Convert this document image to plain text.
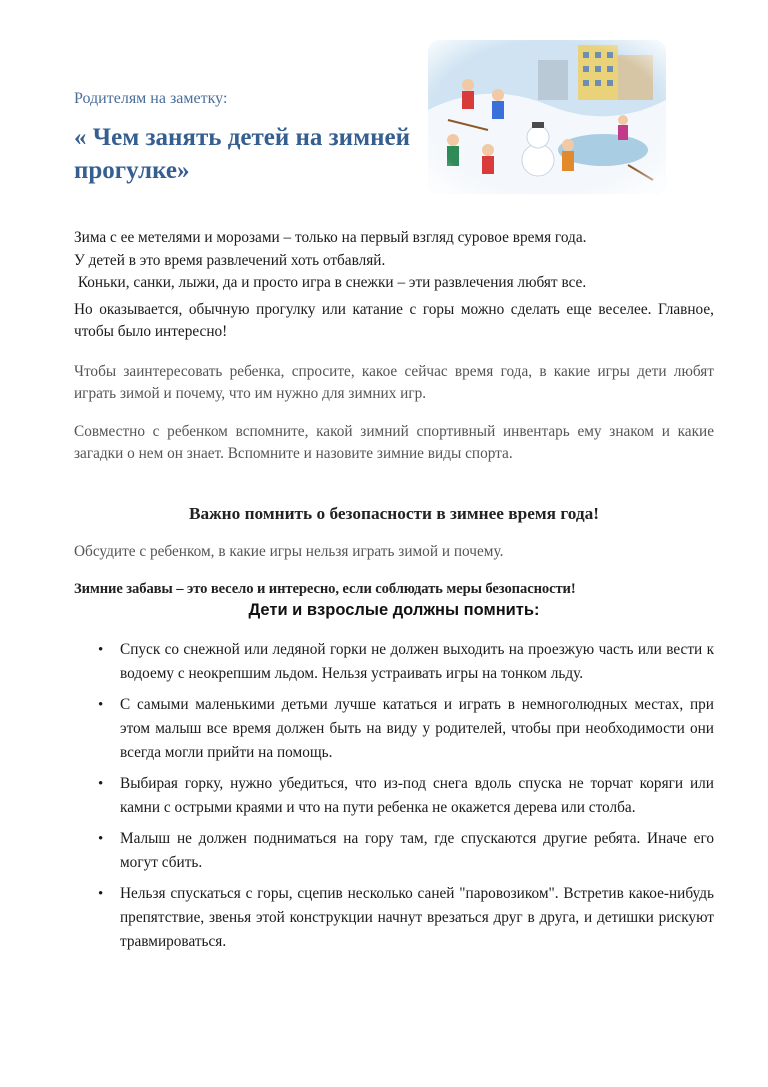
Родителям на заметку:
« Чем занять детей на зимней прогулке»
Зима с ее метелями и морозами – только на первый взгляд суровое время года.
У детей в это время развлечений хоть отбавляй.
Коньки, санки, лыжи, да и просто игра в снежки – эти развлечения любят все.
Но оказывается, обычную прогулку или катание с горы можно сделать еще веселее. Главное, чтобы было интересно!
Чтобы заинтересовать ребенка, спросите, какое сейчас время года, в какие игры дети любят играть зимой и почему, что им нужно для зимних игр.
Совместно с ребенком вспомните, какой зимний спортивный инвентарь ему знаком и какие загадки о нем он знает. Вспомните и назовите зимние виды спорта.
Важно помнить о безопасности в зимнее время года!
Обсудите с ребенком, в какие игры нельзя играть зимой и почему.
Зимние забавы – это весело и интересно, если соблюдать меры безопасности!
Дети и взрослые должны помнить:
• Спуск со снежной или ледяной горки не должен выходить на проезжую часть или вести к водоему с неокрепшим льдом. Нельзя устраивать игры на тонком льду.
• С самыми маленькими детьми лучше кататься и играть в немноголюдных местах, при этом малыш все время должен быть на виду у родителей, чтобы при необходимости они всегда могли прийти на помощь.
• Выбирая горку, нужно убедиться, что из-под снега вдоль спуска не торчат коряги или камни с острыми краями и что на пути ребенка не окажется дерева или столба.
• Малыш не должен подниматься на гору там, где спускаются другие ребята. Иначе его могут сбить.
• Нельзя спускаться с горы, сцепив несколько саней "паровозиком". Встретив какое-нибудь препятствие, звенья этой конструкции начнут врезаться друг в друга, и детишки рискуют травмироваться.
